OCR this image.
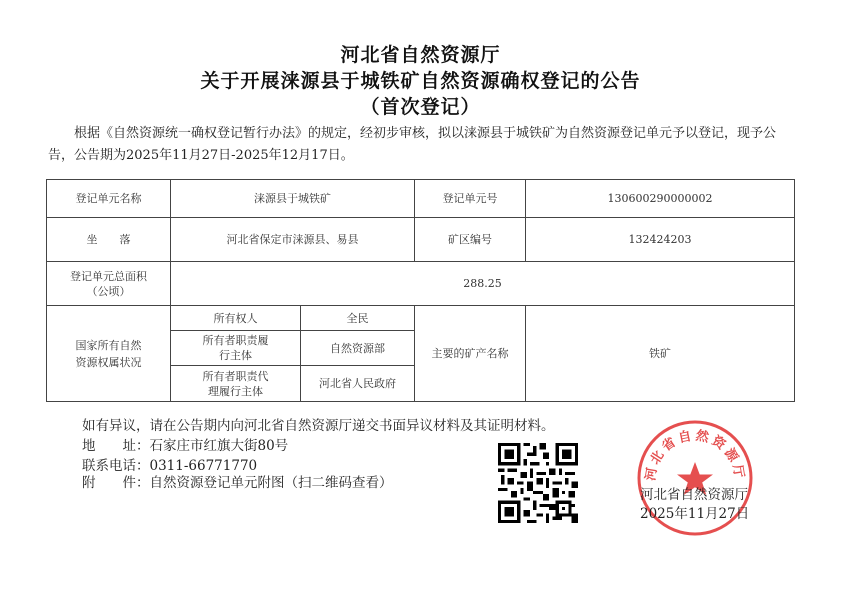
河北省自然资源厅
关于开展涞源县于城铁矿自然资源确权登记的公告
（首次登记）
根据《自然资源统一确权登记暂行办法》的规定，经初步审核，拟以涞源县于城铁矿为自然资源登记单元予以登记，现予公告，公告期为2025年11月27日-2025年12月17日。
登记单元名称	涞源县于城铁矿		登记单元号	130600290000002
坐　　落	河北省保定市涞源县、易县		矿区编号	132424203

登记单元总面积
（公顷）	288.25			

国家所有自然资源权属状况	所有权人	全民	主要的矿产名称	铁矿

	所有者职责履行主体	自然资源部		

	所有者职责代理履行主体	河北省人民政府		
如有异议，请在公告期内向河北省自然资源厅递交书面异议材料及其证明材料。
地　　址：石家庄市红旗大街80号
联系电话：0311-66771770
附　　件：自然资源登记单元附图（扫二维码查看）
河北省自然资源厅
河北省自然资源厅
2025年11月27日
